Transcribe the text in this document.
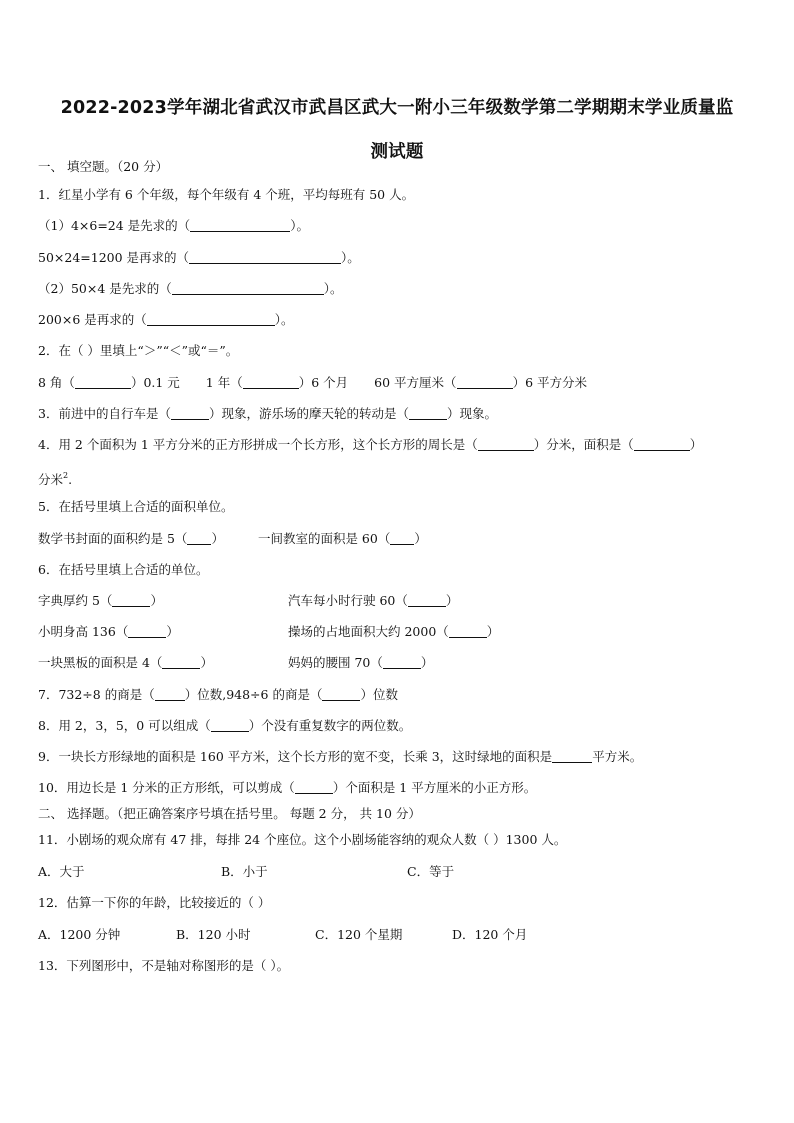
2022-2023学年湖北省武汉市武昌区武大一附小三年级数学第二学期期末学业质量监
测试题
一、 填空题。（20 分）
1．红星小学有 6 个年级，每个年级有 4 个班，平均每班有 50 人。
（1）4×6=24 是先求的（	）。
50×24=1200 是再求的（	）。
（2）50×4 是先求的（	）。
200×6 是再求的（	）。
2．在（ ）里填上“＞”“＜”或“＝”。
8 角（	）0.1 元 1 年（	）6 个月 60 平方厘米（	）6 平方分米
3．前进中的自行车是（	）现象，游乐场的摩天轮的转动是（	）现象。
4．用 2 个面积为 1 平方分米的正方形拼成一个长方形，这个长方形的周长是（	）分米，面积是（	）
分米$^2$.
5．在括号里填上合适的面积单位。
数学书封面的面积约是 5（ ）	一间教室的面积是 60（ ）
6．在括号里填上合适的单位。
字典厚约 5（	）	汽车每小时行驶 60（	）
小明身高 136（	）	操场的占地面积大约 2000（	）
一块黑板的面积是 4（	）	妈妈的腰围 70（	）
7．732÷8 的商是（ ）位数,948÷6 的商是（	）位数
8．用 2，3，5，0 可以组成（	）个没有重复数字的两位数。
9．一块长方形绿地的面积是 160 平方米，这个长方形的宽不变，长乘 3，这时绿地的面积是	平方米。
10．用边长是 1 分米的正方形纸，可以剪成（	）个面积是 1 平方厘米的小正方形。
二、 选择题。（把正确答案序号填在括号里。 每题 2 分， 共 10 分）
11．小剧场的观众席有 47 排，每排 24 个座位。这个小剧场能容纳的观众人数（ ）1300 人。
A．大于	B．小于	C．等于
12．估算一下你的年龄，比较接近的（ ）
A．1200 分钟	B．120 小时	C．120 个星期	D．120 个月
13．下列图形中，不是轴对称图形的是（ ）。
